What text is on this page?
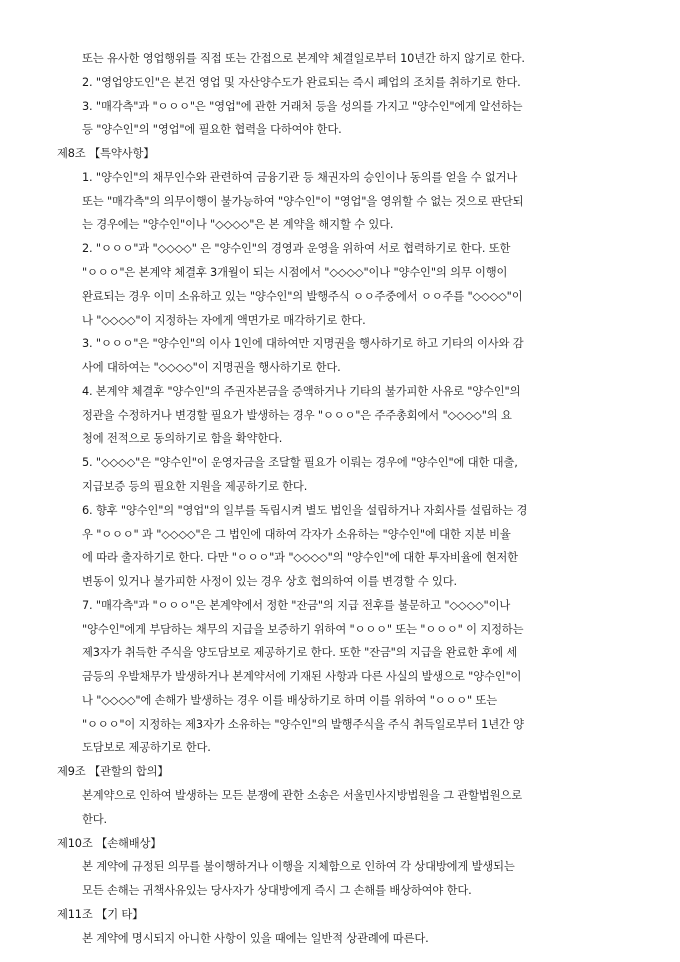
또는 유사한 영업행위를 직접 또는 간접으로 본계약 체결일로부터 10년간 하지 않기로 한다.
2. "영업양도인"은 본건 영업 및 자산양수도가 완료되는 즉시 폐업의 조치를 취하기로 한다.
3. "매각측"과 "ㅇㅇㅇ"은 "영업"에 관한 거래처 등을 성의를 가지고 "양수인"에게 알선하는
등 "양수인"의 "영업"에 필요한 협력을 다하여야 한다.
제8조 【특약사항】
1. "양수인"의 채무인수와 관련하여 금융기관 등 채권자의 승인이나 동의를 얻을 수 없거나
또는 "매각측"의 의무이행이 불가능하여 "양수인"이 "영업"을 영위할 수 없는 것으로 판단되
는 경우에는 "양수인"이나 "◇◇◇◇"은 본 계약을 해지할 수 있다.
2. "ㅇㅇㅇ"과 "◇◇◇◇" 은 "양수인"의 경영과 운영을 위하여 서로 협력하기로 한다. 또한
"ㅇㅇㅇ"은 본계약 체결후 3개월이 되는 시점에서 "◇◇◇◇"이나 "양수인"의 의무 이행이
완료되는 경우 이미 소유하고 있는 "양수인"의 발행주식 ㅇㅇ주중에서 ㅇㅇ주를 "◇◇◇◇"이
나 "◇◇◇◇"이 지정하는 자에게 액면가로 매각하기로 한다.
3. "ㅇㅇㅇ"은 "양수인"의 이사 1인에 대하여만 지명권을 행사하기로 하고 기타의 이사와 감
사에 대하여는 "◇◇◇◇"이 지명권을 행사하기로 한다.
4. 본계약 체결후 "양수인"의 주권자본금을 증액하거나 기타의 불가피한 사유로 "양수인"의
정관을 수정하거나 변경할 필요가 발생하는 경우 "ㅇㅇㅇ"은 주주총회에서 "◇◇◇◇"의 요
청에 전적으로 동의하기로 함을 확약한다.
5. "◇◇◇◇"은 "양수인"이 운영자금을 조달할 필요가 이뤄는 경우에 "양수인"에 대한 대출,
지급보증 등의 필요한 지원을 제공하기로 한다.
6. 향후 "양수인"의 "영업"의 일부를 독립시켜 별도 법인을 설립하거나 자회사를 설립하는 경
우 "ㅇㅇㅇ" 과 "◇◇◇◇"은 그 법인에 대하여 각자가 소유하는 "양수인"에 대한 지분 비율
에 따라 출자하기로 한다. 다만 "ㅇㅇㅇ"과 "◇◇◇◇"의 "양수인"에 대한 투자비율에 현저한
변동이 있거나 불가피한 사정이 있는 경우 상호 협의하여 이를 변경할 수 있다.
7. "매각측"과 "ㅇㅇㅇ"은 본계약에서 정한 "잔금"의 지급 전후를 불문하고 "◇◇◇◇"이나
"양수인"에게 부담하는 채무의 지급을 보증하기 위하여 "ㅇㅇㅇ" 또는 "ㅇㅇㅇ" 이 지정하는
제3자가 취득한 주식을 양도담보로 제공하기로 한다. 또한 "잔금"의 지급을 완료한 후에 세
금등의 우발채무가 발생하거나 본계약서에 기재된 사항과 다른 사실의 발생으로 "양수인"이
나 "◇◇◇◇"에 손해가 발생하는 경우 이를 배상하기로 하며 이를 위하여 "ㅇㅇㅇ" 또는
"ㅇㅇㅇ"이 지정하는 제3자가 소유하는 "양수인"의 발행주식을 주식 취득일로부터 1년간 양
도담보로 제공하기로 한다.
제9조 【관할의 합의】
본계약으로 인하여 발생하는 모든 분쟁에 관한 소송은 서울민사지방법원을 그 관할법원으로
한다.
제10조 【손해배상】
본 계약에 규정된 의무를 불이행하거나 이행을 지체함으로 인하여 각 상대방에게 발생되는
모든 손해는 귀책사유있는 당사자가 상대방에게 즉시 그 손해를 배상하여야 한다.
제11조 【기 타】
본 계약에 명시되지 아니한 사항이 있을 때에는 일반적 상관례에 따른다.
